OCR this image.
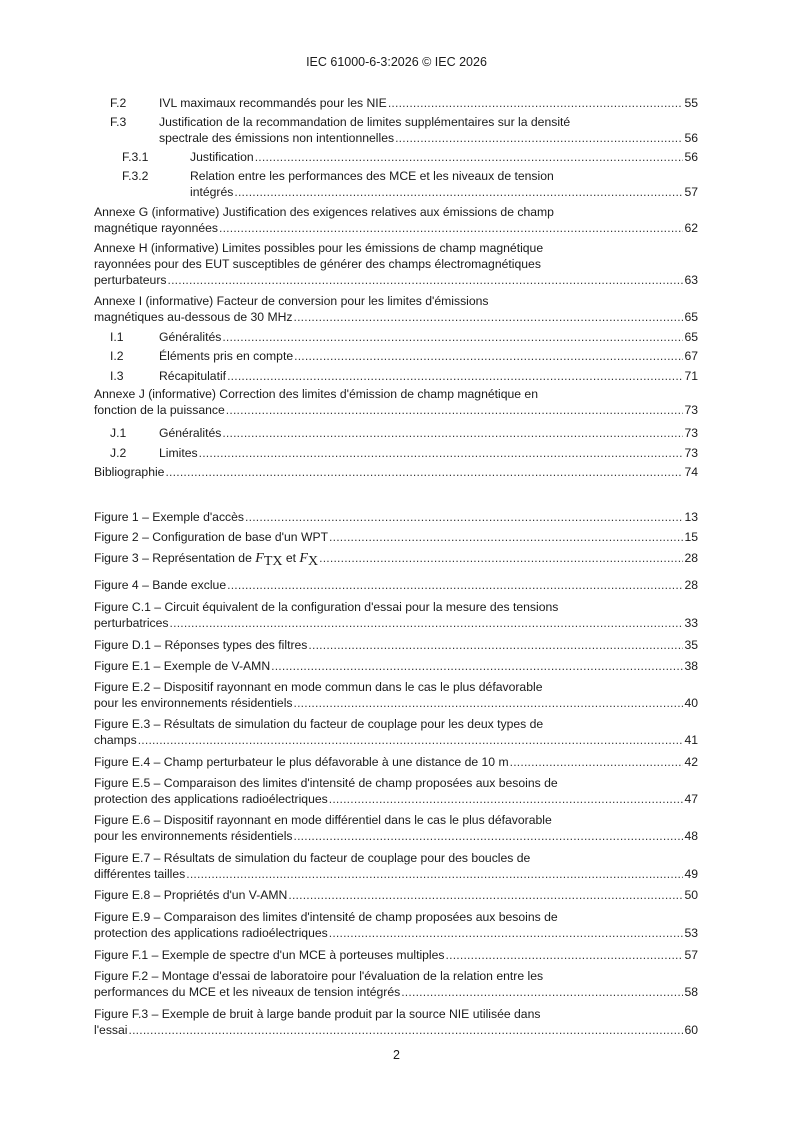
IEC 61000-6-3:2026 © IEC 2026
F.2	IVL maximaux recommandés pour les NIE .....	55
F.3	Justification de la recommandation de limites supplémentaires sur la densité
spectrale des émissions non intentionnelles .....	56
F.3.1	Justification .....	56
F.3.2	Relation entre les performances des MCE et les niveaux de tension
intégrés .....	57
Annexe G (informative) Justification des exigences relatives aux émissions de champ
magnétique rayonnées .....	62
Annexe H (informative) Limites possibles pour les émissions de champ magnétique
rayonnées pour des EUT susceptibles de générer des champs électromagnétiques
perturbateurs .....	63
Annexe I (informative) Facteur de conversion pour les limites d'émissions
magnétiques au-dessous de 30 MHz .....	65
I.1	Généralités .....	65
I.2	Éléments pris en compte .....	67
I.3	Récapitulatif .....	71
Annexe J (informative) Correction des limites d'émission de champ magnétique en
fonction de la puissance .....	73
J.1	Généralités .....	73
J.2	Limites .....	73
Bibliographie .....	74
Figure 1 – Exemple d'accès .....	13
Figure 2 – Configuration de base d'un WPT .....	15
Figure 3 – Représentation de $F_{TX}$ et $F_X$ .....	28
Figure 4 – Bande exclue .....	28
Figure C.1 – Circuit équivalent de la configuration d'essai pour la mesure des tensions
perturbatrices .....	33
Figure D.1 – Réponses types des filtres .....	35
Figure E.1 – Exemple de V-AMN .....	38
Figure E.2 – Dispositif rayonnant en mode commun dans le cas le plus défavorable
pour les environnements résidentiels .....	40
Figure E.3 – Résultats de simulation du facteur de couplage pour les deux types de
champs .....	41
Figure E.4 – Champ perturbateur le plus défavorable à une distance de 10 m .....	42
Figure E.5 – Comparaison des limites d'intensité de champ proposées aux besoins de
protection des applications radioélectriques .....	47
Figure E.6 – Dispositif rayonnant en mode différentiel dans le cas le plus défavorable
pour les environnements résidentiels .....	48
Figure E.7 – Résultats de simulation du facteur de couplage pour des boucles de
différentes tailles .....	49
Figure E.8 – Propriétés d'un V-AMN .....	50
Figure E.9 – Comparaison des limites d'intensité de champ proposées aux besoins de
protection des applications radioélectriques .....	53
Figure F.1 – Exemple de spectre d'un MCE à porteuses multiples .....	57
Figure F.2 – Montage d'essai de laboratoire pour l'évaluation de la relation entre les
performances du MCE et les niveaux de tension intégrés .....	58
Figure F.3 – Exemple de bruit à large bande produit par la source NIE utilisée dans
l'essai .....	60
2
